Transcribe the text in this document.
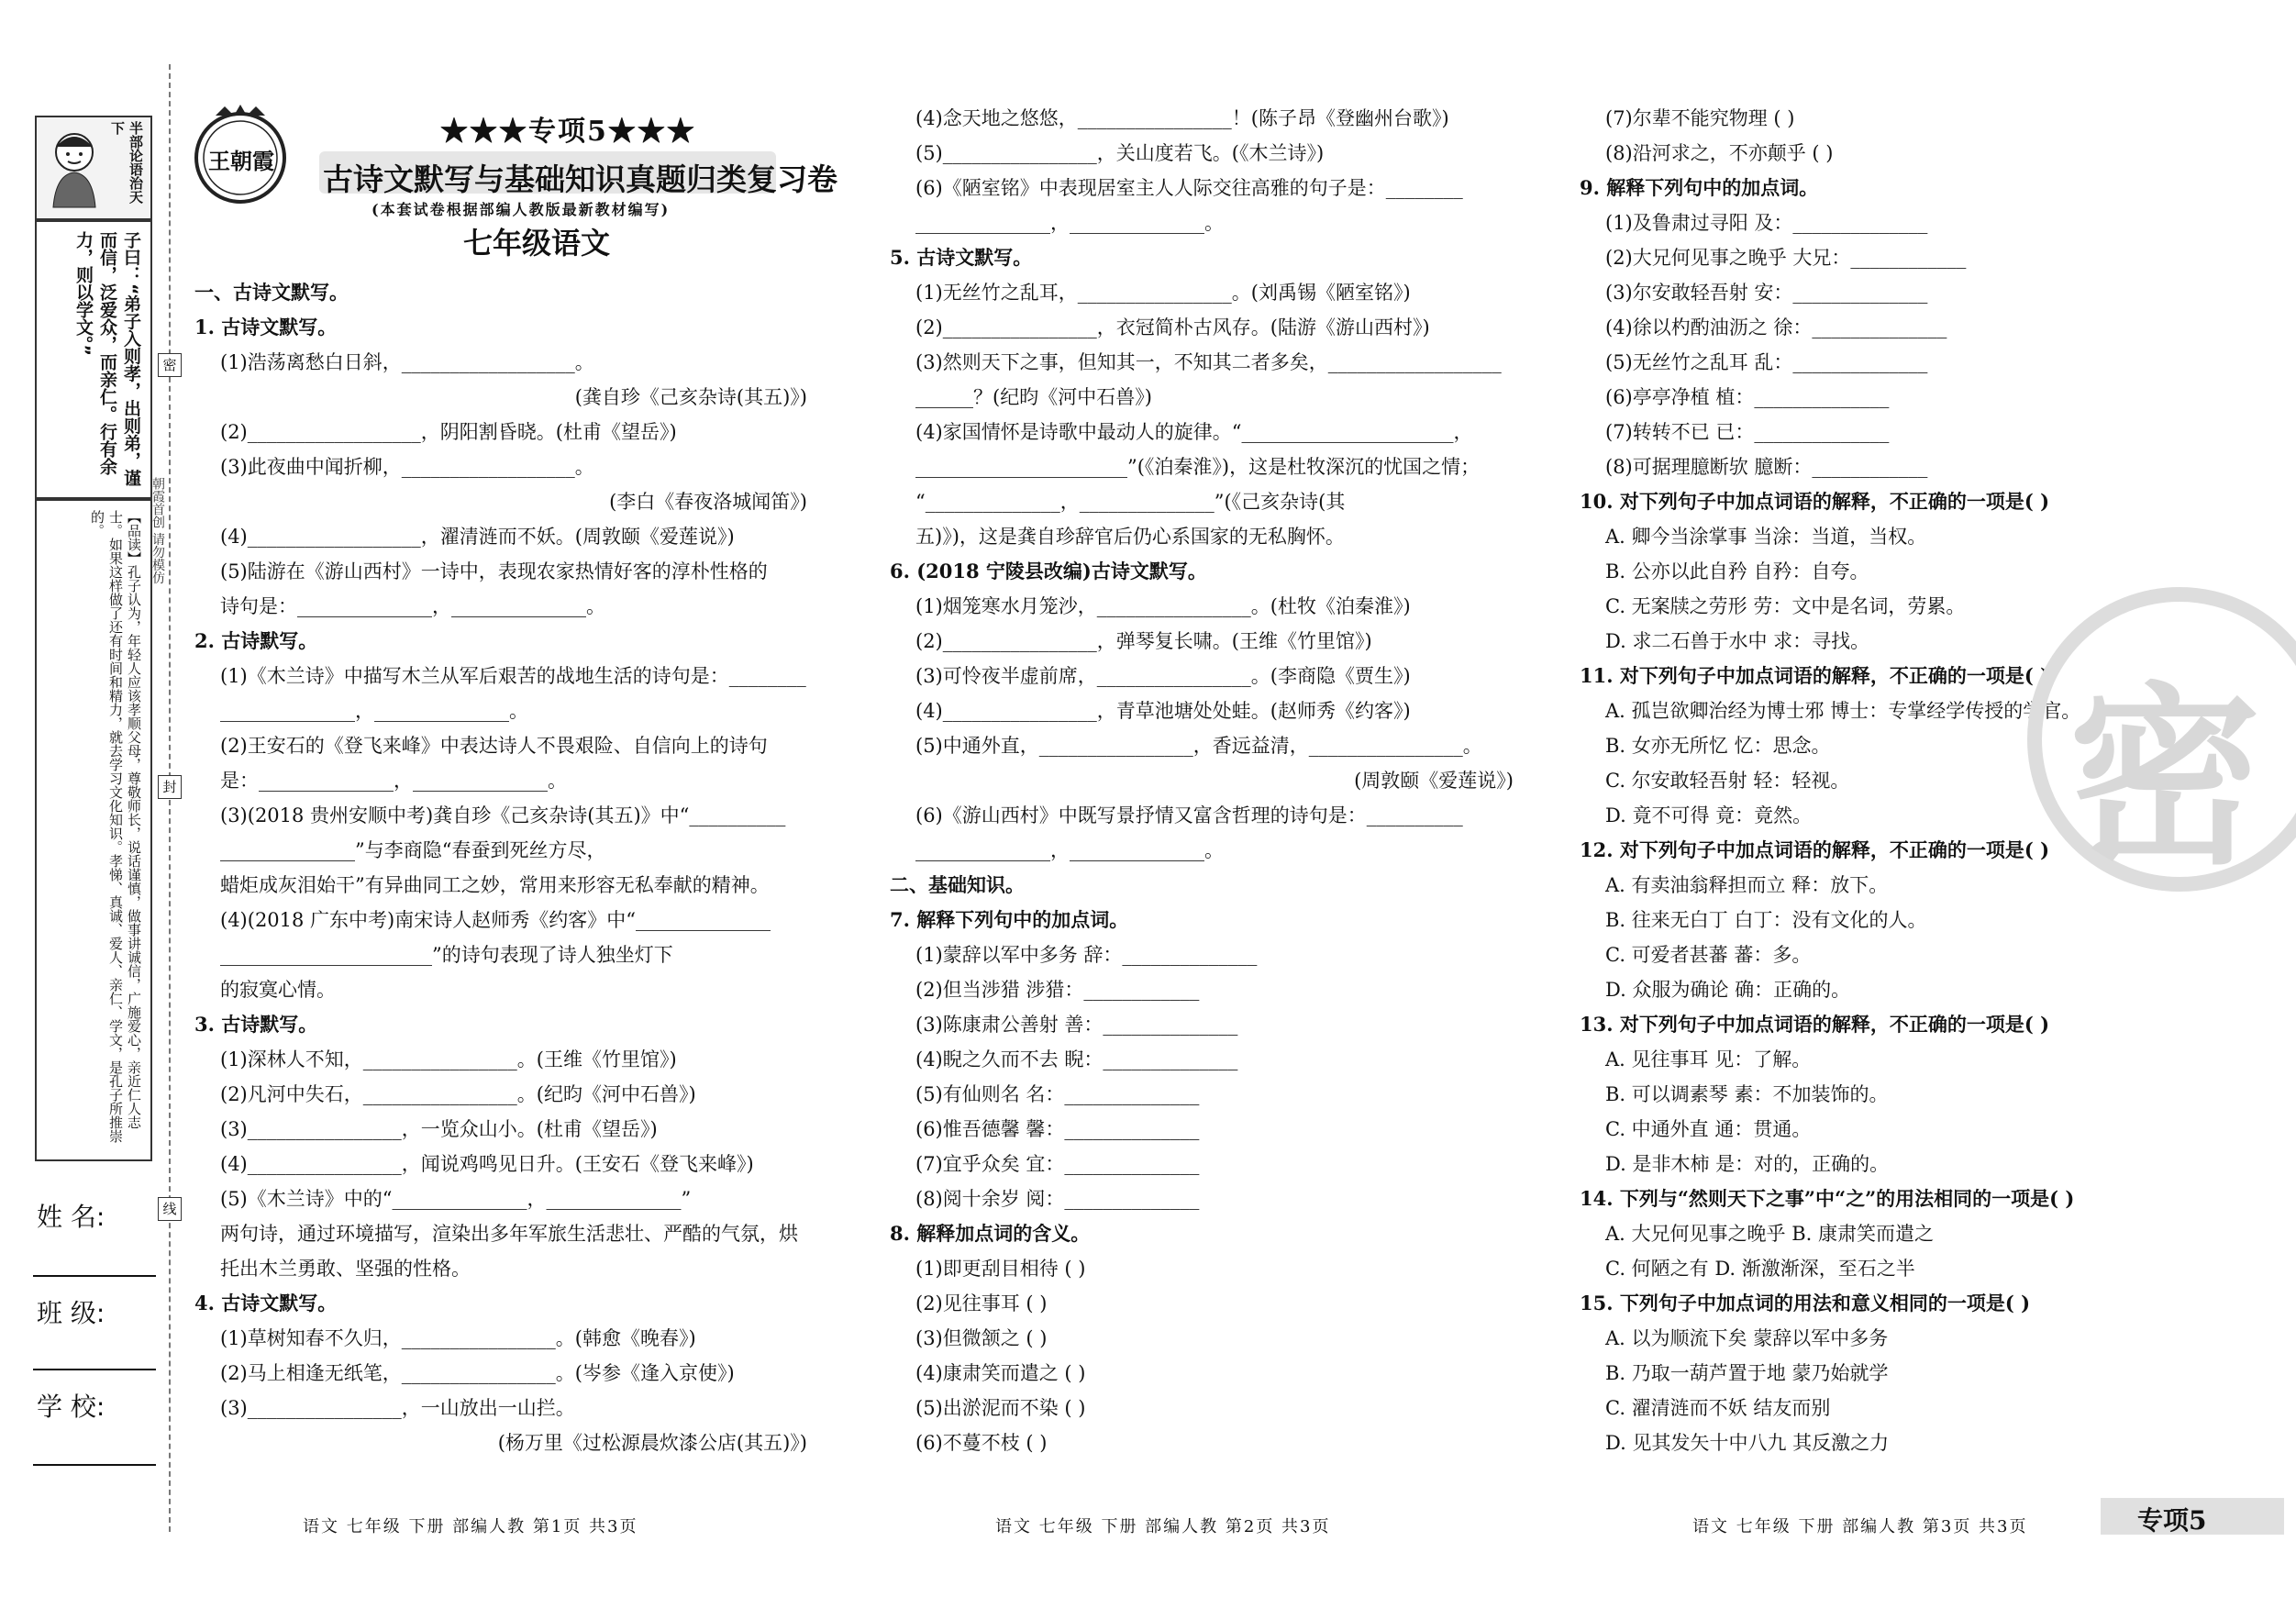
半部论语治天下
子曰：“弟子入则孝，出则弟，谨而信，泛爱众，而亲仁。行有余力，则以学文。”
【品读】孔子认为，年轻人应该孝顺父母，尊敬师长，说话谨慎，做事讲诚信，广施爱心，亲近仁人志士。如果这样做了还有时间和精力，就去学习文化知识。孝悌、真诚、爱人、亲仁、学文，是孔子所推崇的。	朝霞首创 请勿模仿
密
封
线
姓 名:
班 级:
学 校:
王朝霞
★★★专项5★★★
古诗文默写与基础知识真题归类复习卷
(本套试卷根据部编人教版最新教材编写)
七年级语文
一、古诗文默写。
1. 古诗文默写。
(1)浩荡离愁白日斜，__________________。
(龚自珍《己亥杂诗(其五)》)
(2)__________________，阴阳割昏晓。(杜甫《望岳》)
(3)此夜曲中闻折柳，__________________。
(李白《春夜洛城闻笛》)
(4)__________________，濯清涟而不妖。(周敦颐《爱莲说》)
(5)陆游在《游山西村》一诗中，表现农家热情好客的淳朴性格的
诗句是：______________，______________。
2. 古诗默写。
(1)《木兰诗》中描写木兰从军后艰苦的战地生活的诗句是：________
______________，______________。
(2)王安石的《登飞来峰》中表达诗人不畏艰险、自信向上的诗句
是：______________，______________。
(3)(2018 贵州安顺中考)龚自珍《己亥杂诗(其五)》中“__________
______________”与李商隐“春蚕到死丝方尽，
蜡炬成灰泪始干”有异曲同工之妙，常用来形容无私奉献的精神。
(4)(2018 广东中考)南宋诗人赵师秀《约客》中“______________
______________________”的诗句表现了诗人独坐灯下
的寂寞心情。
3. 古诗默写。
(1)深林人不知，________________。(王维《竹里馆》)
(2)凡河中失石，________________。(纪昀《河中石兽》)
(3)________________，一览众山小。(杜甫《望岳》)
(4)________________，闻说鸡鸣见日升。(王安石《登飞来峰》)
(5)《木兰诗》中的“______________，______________”
两句诗，通过环境描写，渲染出多年军旅生活悲壮、严酷的气氛，烘
托出木兰勇敢、坚强的性格。
4. 古诗文默写。
(1)草树知春不久归，________________。(韩愈《晚春》)
(2)马上相逢无纸笔，________________。(岑参《逢入京使》)
(3)________________，一山放出一山拦。
(杨万里《过松源晨炊漆公店(其五)》)
(4)念天地之悠悠，________________！(陈子昂《登幽州台歌》)
(5)________________，关山度若飞。(《木兰诗》)
(6)《陋室铭》中表现居室主人人际交往高雅的句子是：________
______________，______________。
5. 古诗文默写。
(1)无丝竹之乱耳，________________。(刘禹锡《陋室铭》)
(2)________________，衣冠简朴古风存。(陆游《游山西村》)
(3)然则天下之事，但知其一，不知其二者多矣，__________________
______？(纪昀《河中石兽》)
(4)家国情怀是诗歌中最动人的旋律。“______________________，
______________________”(《泊秦淮》)，这是杜牧深沉的忧国之情；
“______________，______________”(《己亥杂诗(其
五)》)，这是龚自珍辞官后仍心系国家的无私胸怀。
6. (2018 宁陵县改编)古诗文默写。
(1)烟笼寒水月笼沙，________________。(杜牧《泊秦淮》)
(2)________________，弹琴复长啸。(王维《竹里馆》)
(3)可怜夜半虚前席，________________。(李商隐《贾生》)
(4)________________，青草池塘处处蛙。(赵师秀《约客》)
(5)中通外直，________________，香远益清，________________。
(周敦颐《爱莲说》)
(6)《游山西村》中既写景抒情又富含哲理的诗句是：__________
______________，______________。
二、基础知识。
7. 解释下列句中的加点词。
(1)蒙辞以军中多务 辞：______________
(2)但当涉猎 涉猎：____________
(3)陈康肃公善射 善：______________
(4)睨之久而不去 睨：______________
(5)有仙则名 名：______________
(6)惟吾德馨 馨：______________
(7)宜乎众矣 宜：______________
(8)阅十余岁 阅：______________
8. 解释加点词的含义。
(1)即更刮目相待 ( )
(2)见往事耳 ( )
(3)但微颔之 ( )
(4)康肃笑而遣之 ( )
(5)出淤泥而不染 ( )
(6)不蔓不枝 ( )
(7)尔辈不能究物理 ( )
(8)沿河求之，不亦颠乎 ( )
9. 解释下列句中的加点词。
(1)及鲁肃过寻阳 及：______________
(2)大兄何见事之晚乎 大兄：____________
(3)尔安敢轻吾射 安：______________
(4)徐以杓酌油沥之 徐：______________
(5)无丝竹之乱耳 乱：______________
(6)亭亭净植 植：______________
(7)转转不已 已：______________
(8)可据理臆断欤 臆断：____________
10. 对下列句子中加点词语的解释，不正确的一项是( )
A. 卿今当涂掌事 当涂：当道，当权。
B. 公亦以此自矜 自矜：自夸。
C. 无案牍之劳形 劳：文中是名词，劳累。
D. 求二石兽于水中 求：寻找。
11. 对下列句子中加点词语的解释，不正确的一项是( )
A. 孤岂欲卿治经为博士邪 博士：专掌经学传授的学官。
B. 女亦无所忆 忆：思念。
C. 尔安敢轻吾射 轻：轻视。
D. 竟不可得 竟：竟然。
12. 对下列句子中加点词语的解释，不正确的一项是( )
A. 有卖油翁释担而立 释：放下。
B. 往来无白丁 白丁：没有文化的人。
C. 可爱者甚蕃 蕃：多。
D. 众服为确论 确：正确的。
13. 对下列句子中加点词语的解释，不正确的一项是( )
A. 见往事耳 见：了解。
B. 可以调素琴 素：不加装饰的。
C. 中通外直 通：贯通。
D. 是非木柿 是：对的，正确的。
14. 下列与“然则天下之事”中“之”的用法相同的一项是( )
A. 大兄何见事之晚乎 B. 康肃笑而遣之
C. 何陋之有 D. 渐激渐深，至石之半
15. 下列句子中加点词的用法和意义相同的一项是( )
A. 以为顺流下矣 蒙辞以军中多务
B. 乃取一葫芦置于地 蒙乃始就学
C. 濯清涟而不妖 结友而别
D. 见其发矢十中八九 其反激之力
密
语文 七年级 下册 部编人教 第1页 共3页	语文 七年级 下册 部编人教 第2页 共3页	语文 七年级 下册 部编人教 第3页 共3页	专项5
